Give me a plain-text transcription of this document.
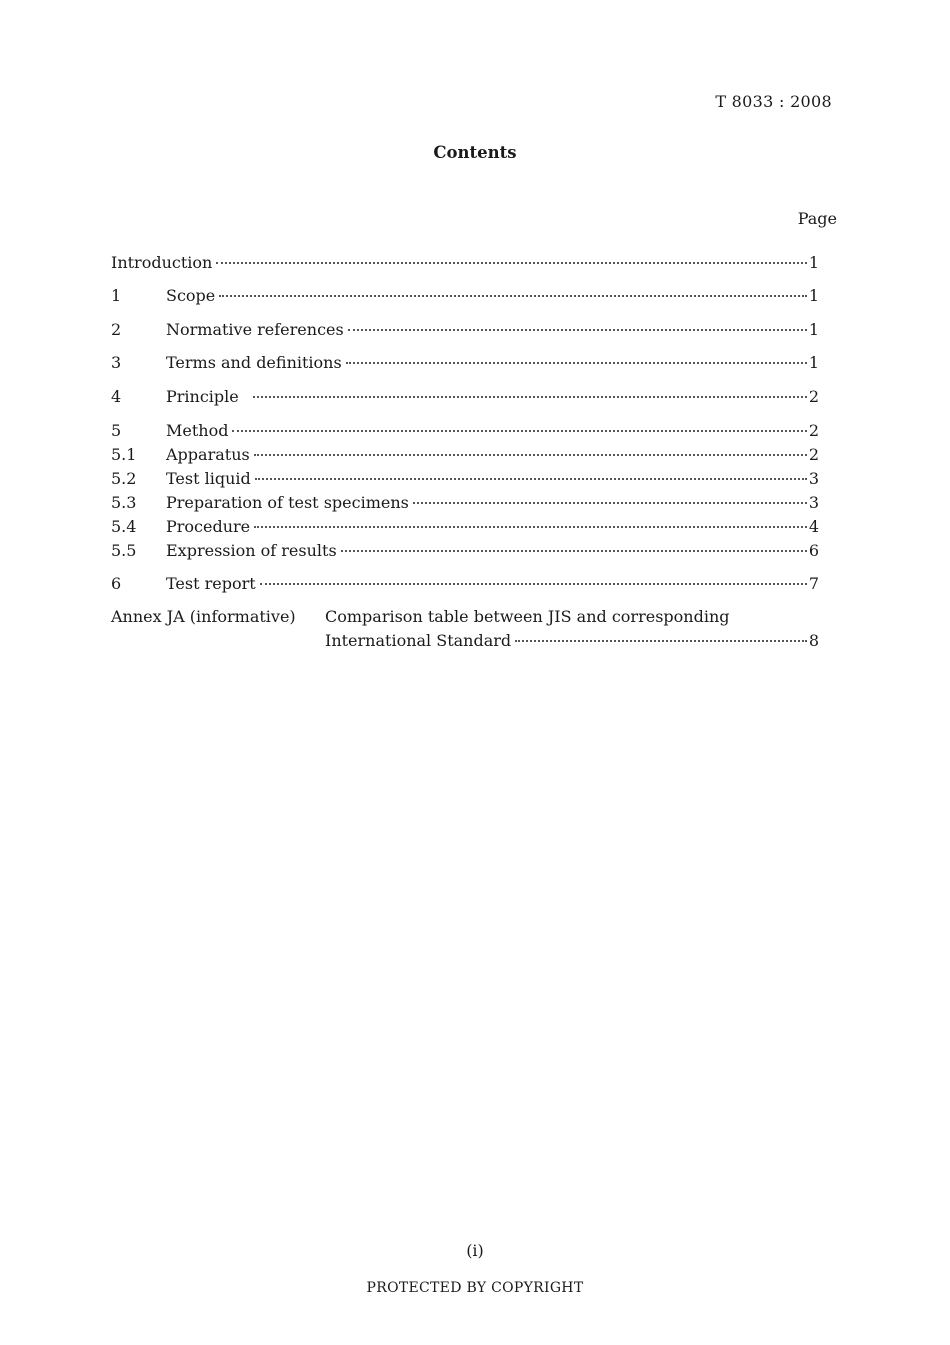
T 8033 : 2008
Contents
Page
Introduction	1
1	Scope	1
2	Normative references	1
3	Terms and definitions	1
4	Principle	2
5	Method	2
5.1	Apparatus	2
5.2	Test liquid	3
5.3	Preparation of test specimens	3
5.4	Procedure	4
5.5	Expression of results	6
6	Test report	7
Annex JA (informative) Comparison table between JIS and corresponding
International Standard	8
(i)
PROTECTED BY COPYRIGHT
